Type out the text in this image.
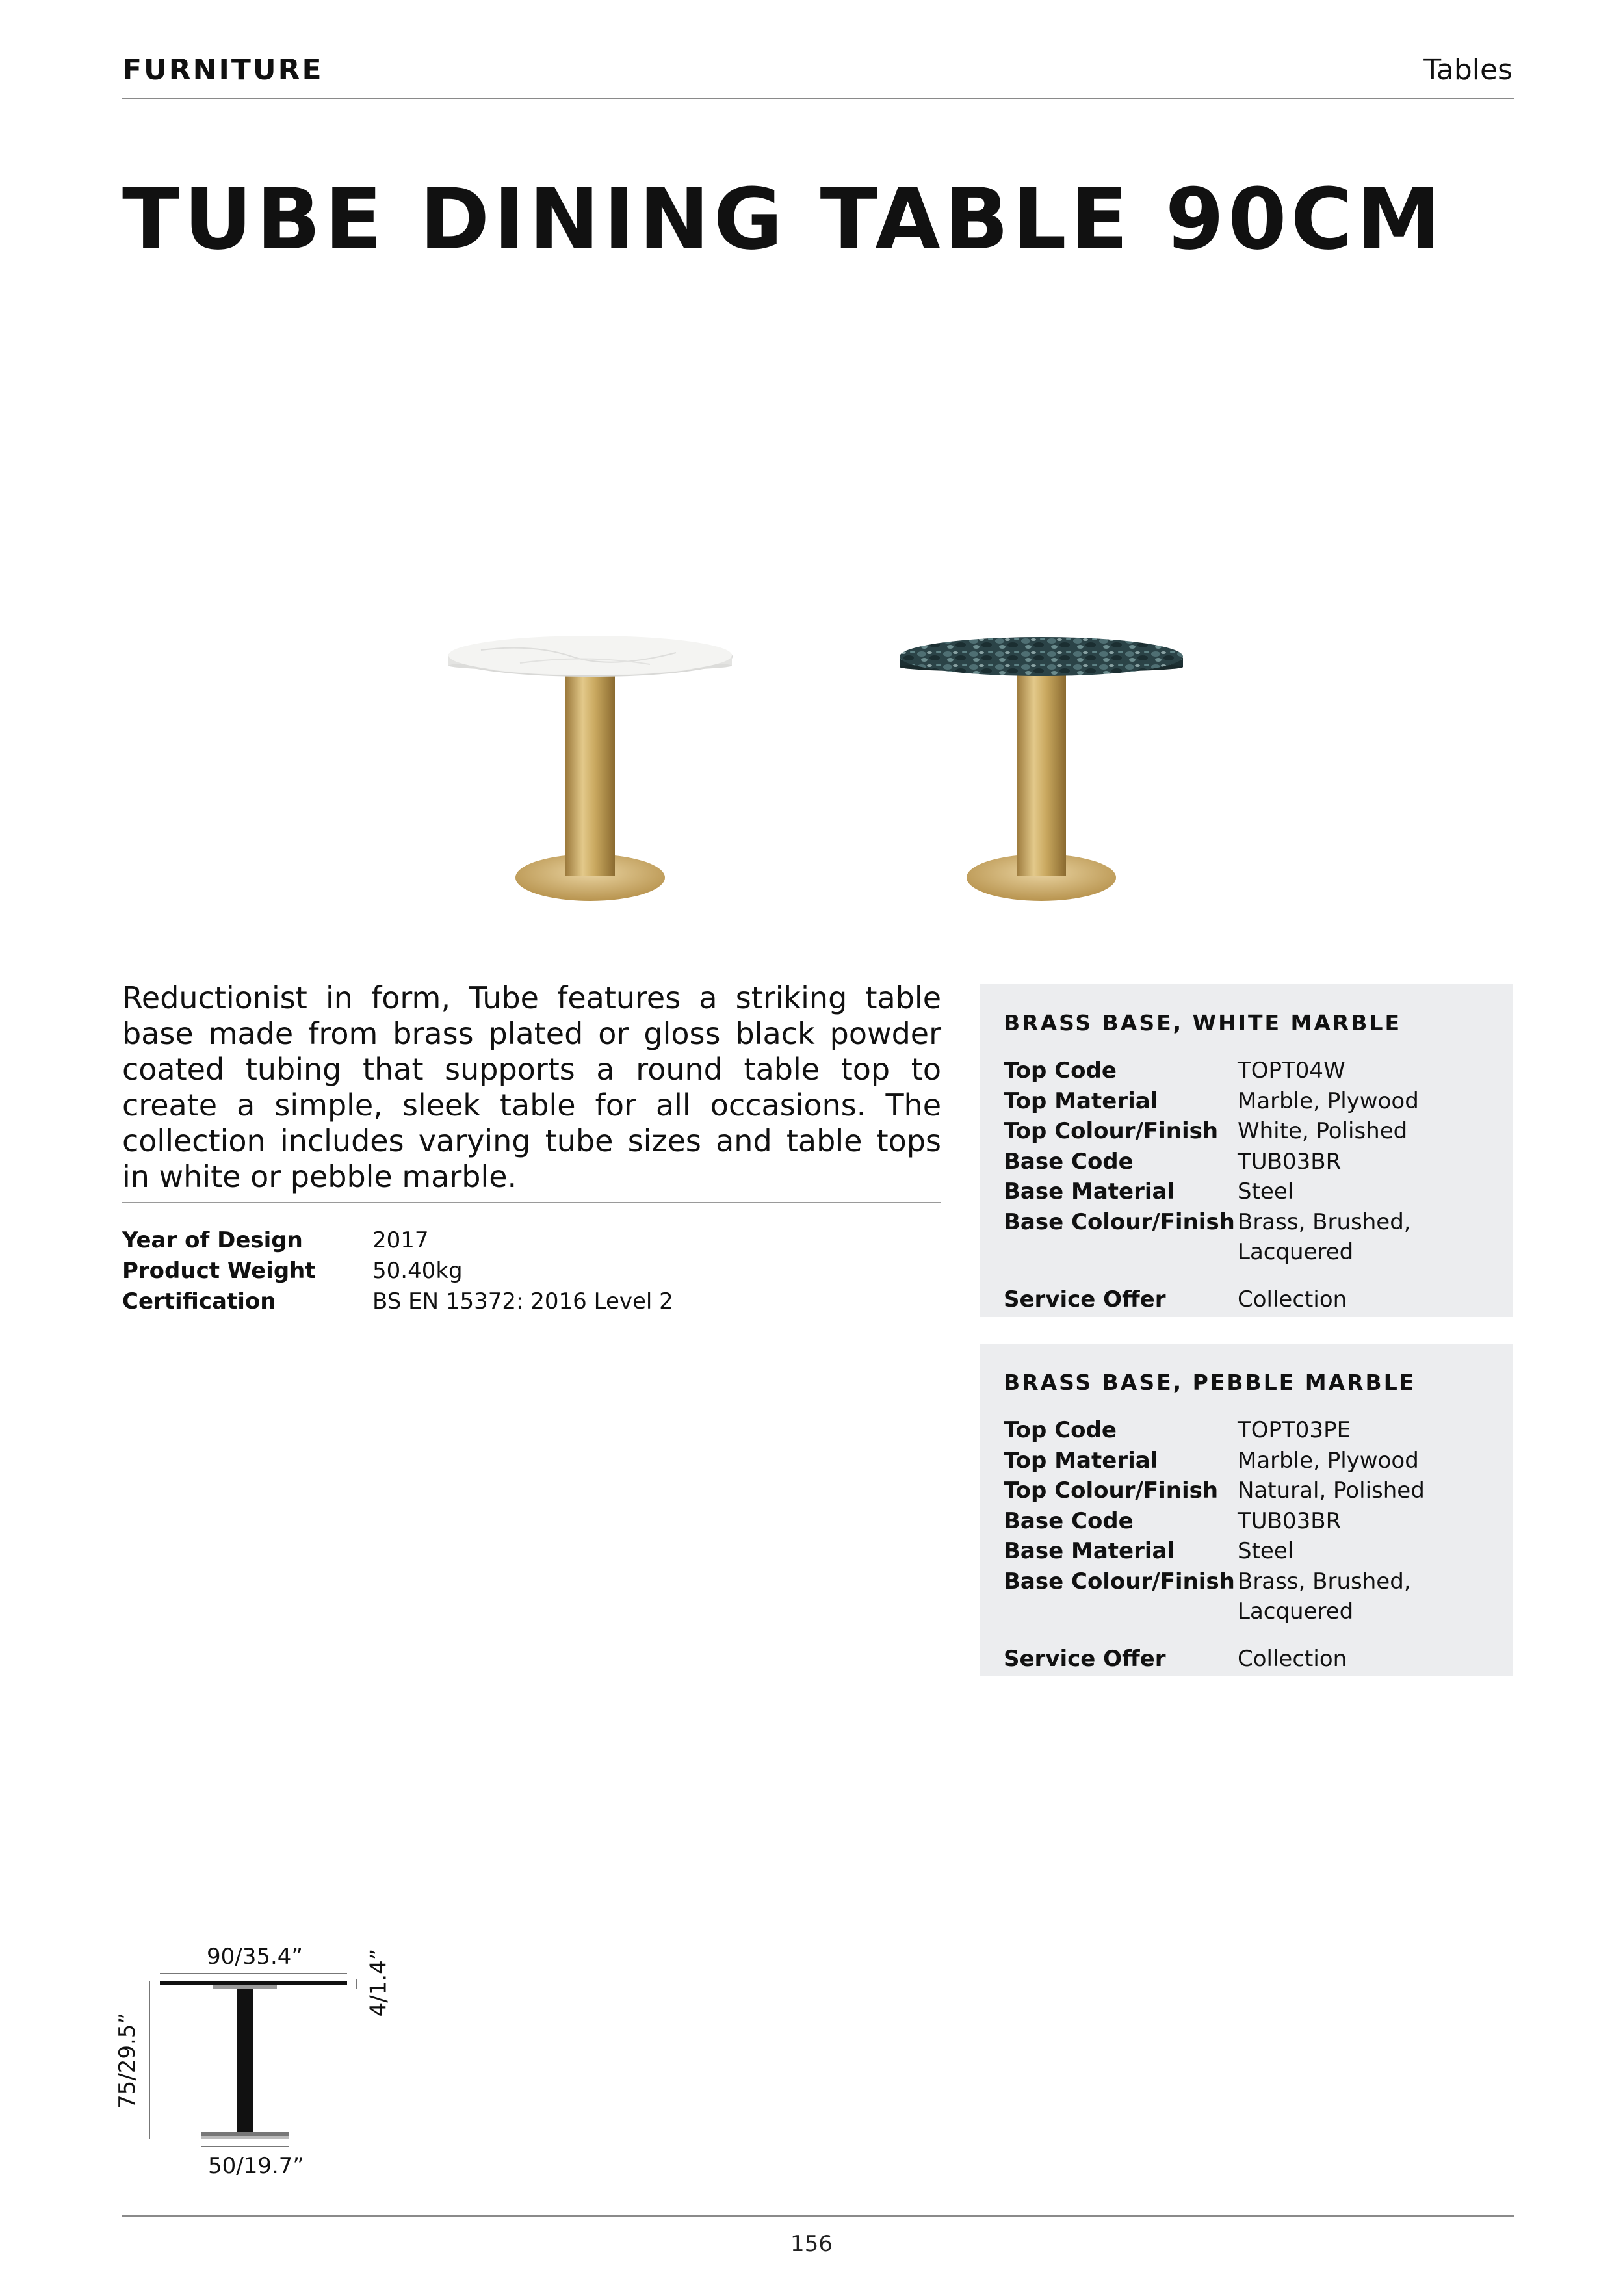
FURNITURE	Tables
TUBE DINING TABLE 90CM
Reductionist in form, Tube features a striking table base made from brass plated or gloss black powder coated tubing that supports a round table top to create a simple, sleek table for all occasions. The collection includes varying tube sizes and table tops in white or pebble marble.
Year of Design	2017
Product Weight	50.40kg
Certification	BS EN 15372: 2016 Level 2
BRASS BASE, WHITE MARBLE
Top Code	TOPT04W
Top Material	Marble, Plywood
Top Colour/Finish White, Polished
Base Code	TUB03BR
Base Material	Steel
Base Colour/Finish Brass, Brushed,
Lacquered
Service Offer	Collection
BRASS BASE, PEBBLE MARBLE
Top Code	TOPT03PE
Top Material	Marble, Plywood
Top Colour/Finish Natural, Polished
Base Code	TUB03BR
Base Material	Steel
Base Colour/Finish Brass, Brushed,
Lacquered
Service Offer	Collection
90/35.4”
75/29.5”
4/1.4”
50/19.7”
156
